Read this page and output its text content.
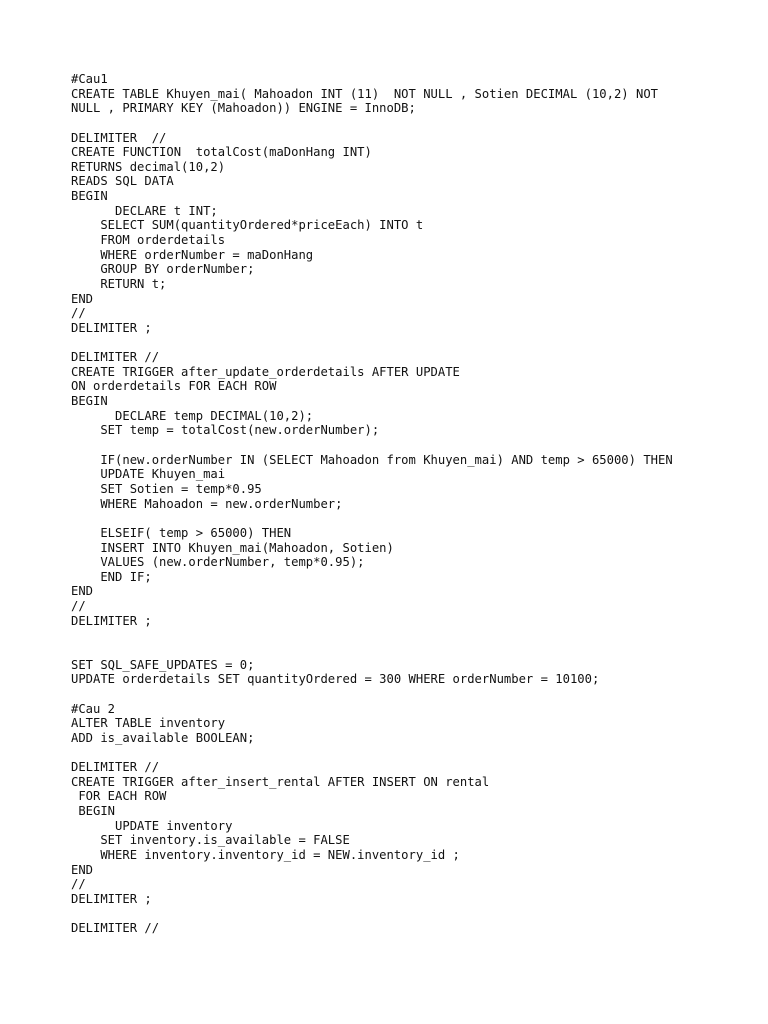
#Cau1
CREATE TABLE Khuyen_mai( Mahoadon INT (11)  NOT NULL , Sotien DECIMAL (10,2) NOT
NULL , PRIMARY KEY (Mahoadon)) ENGINE = InnoDB;
DELIMITER  //
CREATE FUNCTION  totalCost(maDonHang INT)
RETURNS decimal(10,2)
READS SQL DATA
BEGIN
DECLARE t INT;
SELECT SUM(quantityOrdered*priceEach) INTO t
FROM orderdetails
WHERE orderNumber = maDonHang
GROUP BY orderNumber;
RETURN t;
END
//
DELIMITER ;
DELIMITER //
CREATE TRIGGER after_update_orderdetails AFTER UPDATE
ON orderdetails FOR EACH ROW
BEGIN
DECLARE temp DECIMAL(10,2);
SET temp = totalCost(new.orderNumber);
IF(new.orderNumber IN (SELECT Mahoadon from Khuyen_mai) AND temp > 65000) THEN
UPDATE Khuyen_mai
SET Sotien = temp*0.95
WHERE Mahoadon = new.orderNumber;
ELSEIF( temp > 65000) THEN
INSERT INTO Khuyen_mai(Mahoadon, Sotien)
VALUES (new.orderNumber, temp*0.95);
END IF;
END
//
DELIMITER ;
SET SQL_SAFE_UPDATES = 0;
UPDATE orderdetails SET quantityOrdered = 300 WHERE orderNumber = 10100;
#Cau 2
ALTER TABLE inventory
ADD is_available BOOLEAN;
DELIMITER //
CREATE TRIGGER after_insert_rental AFTER INSERT ON rental
FOR EACH ROW
BEGIN
UPDATE inventory
SET inventory.is_available = FALSE
WHERE inventory.inventory_id = NEW.inventory_id ;
END
//
DELIMITER ;
DELIMITER //
